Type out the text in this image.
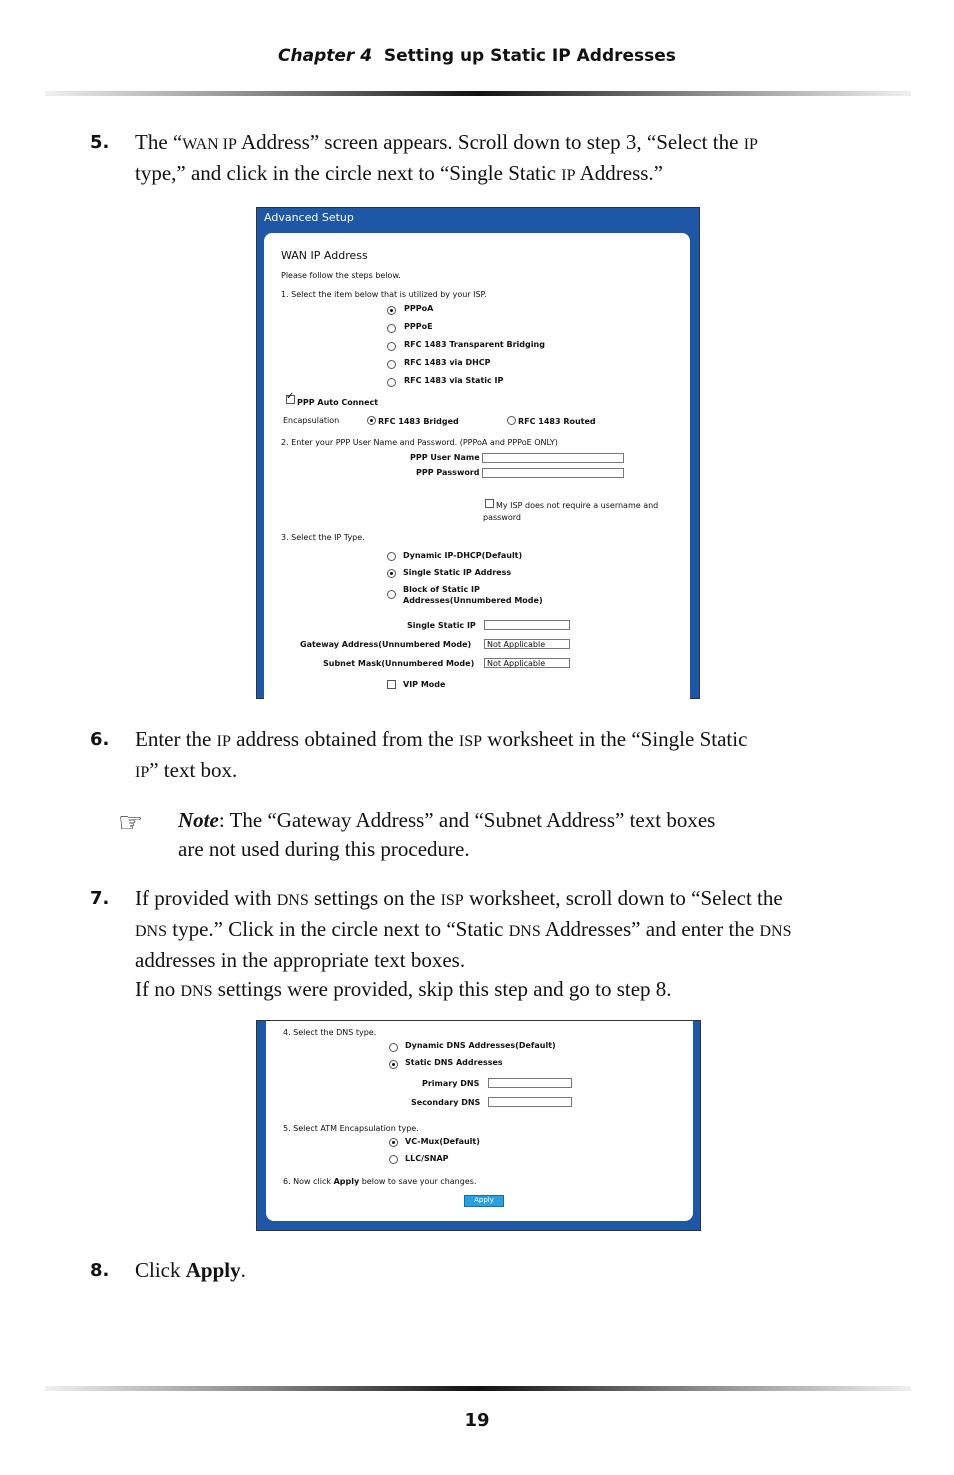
Chapter 4 Setting up Static IP Addresses
5. The “WAN IP Address” screen appears. Scroll down to step 3, “Select the IP
type,” and click in the circle next to “Single Static IP Address.”
Advanced Setup
WAN IP Address
Please follow the steps below.
1. Select the item below that is utilized by your ISP.
PPPoA
PPPoE
RFC 1483 Transparent Bridging
RFC 1483 via DHCP
RFC 1483 via Static IP
✓
PPP Auto Connect
Encapsulation	RFC 1483 Bridged	RFC 1483 Routed
2. Enter your PPP User Name and Password. (PPPoA and PPPoE ONLY)
PPP User Name
PPP Password
My ISP does not require a username and
password
3. Select the IP Type.
Dynamic IP-DHCP(Default)
Single Static IP Address
Block of Static IP
Addresses(Unnumbered Mode)
Single Static IP
Gateway Address(Unnumbered Mode)	Not Applicable
Subnet Mask(Unnumbered Mode)	Not Applicable
VIP Mode
6. Enter the IP address obtained from the ISP worksheet in the “Single Static
IP” text box.
☞ Note: The “Gateway Address” and “Subnet Address” text boxes
are not used during this procedure.
7. If provided with DNS settings on the ISP worksheet, scroll down to “Select the
DNS type.” Click in the circle next to “Static DNS Addresses” and enter the DNS
addresses in the appropriate text boxes.
If no DNS settings were provided, skip this step and go to step 8.
4. Select the DNS type.
Dynamic DNS Addresses(Default)
Static DNS Addresses
Primary DNS
Secondary DNS
5. Select ATM Encapsulation type.
VC-Mux(Default)
LLC/SNAP
6. Now click Apply below to save your changes.
Apply
8. Click Apply.
19
